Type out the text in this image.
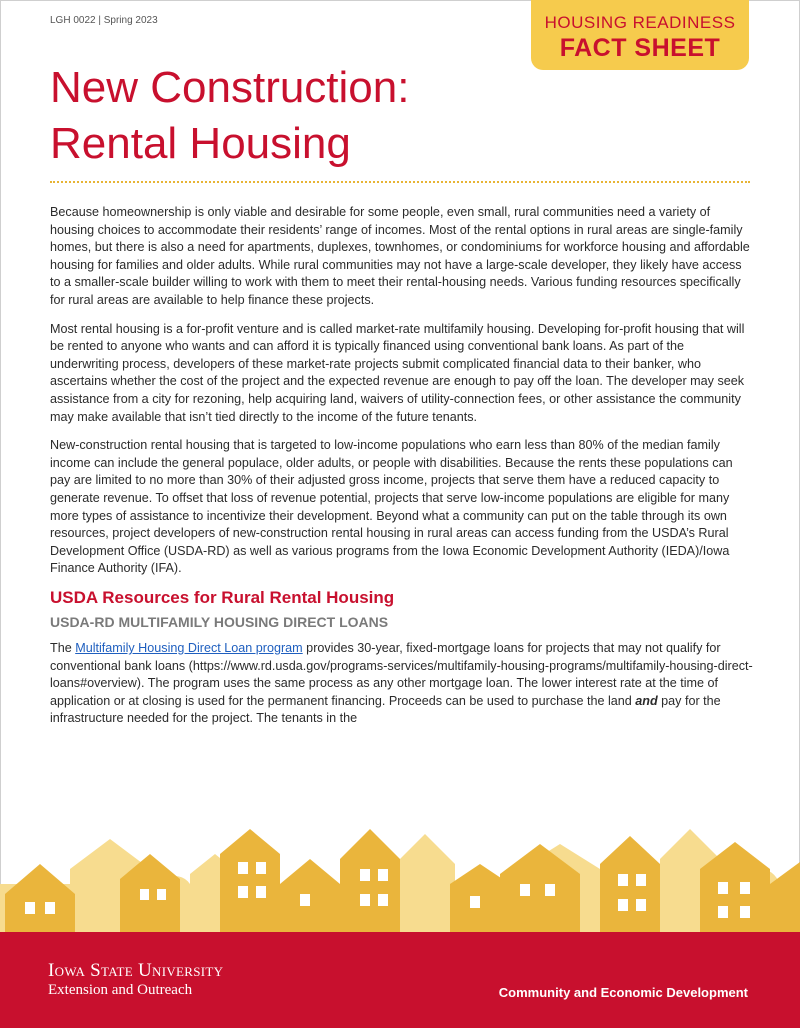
LGH 0022 | Spring 2023	HOUSING READINESS
FACT SHEET
New Construction:
Rental Housing

Because homeownership is only viable and desirable for some people, even small, rural communities need a variety of housing choices to accommodate their residents’ range of incomes. Most of the rental options in rural areas are single-family homes, but there is also a need for apartments, duplexes, townhomes, or condominiums for workforce housing and affordable housing for families and older adults. While rural communities may not have a large-scale developer, they likely have access to a smaller-scale builder willing to work with them to meet their rental-housing needs. Various funding resources specifically for rural areas are available to help finance these projects.

Most rental housing is a for-profit venture and is called market-rate multifamily housing. Developing for-profit housing that will be rented to anyone who wants and can afford it is typically financed using conventional bank loans. As part of the underwriting process, developers of these market-rate projects submit complicated financial data to their banker, who ascertains whether the cost of the project and the expected revenue are enough to pay off the loan. The developer may seek assistance from a city for rezoning, help acquiring land, waivers of utility-connection fees, or other assistance the community may make available that isn’t tied directly to the income of the future tenants.

New-construction rental housing that is targeted to low-income populations who earn less than 80% of the median family income can include the general populace, older adults, or people with disabilities. Because the rents these populations can pay are limited to no more than 30% of their adjusted gross income, projects that serve them have a reduced capacity to generate revenue. To offset that loss of revenue potential, projects that serve low-income populations are eligible for many more types of assistance to incentivize their development. Beyond what a community can put on the table through its own resources, project developers of new-construction rental housing in rural areas can access funding from the USDA’s Rural Development Office (USDA-RD) as well as various programs from the Iowa Economic Development Authority (IEDA)/Iowa Finance Authority (IFA).

USDA Resources for Rural Rental Housing
USDA-RD MULTIFAMILY HOUSING DIRECT LOANS

The Multifamily Housing Direct Loan program provides 30-year, fixed-mortgage loans for projects that may not qualify for conventional bank loans (https://www.rd.usda.gov/programs-services/multifamily-housing-programs/multifamily-housing-direct-loans#overview). The program uses the same process as any other mortgage loan. The lower interest rate at the time of application or at closing is used for the permanent financing. Proceeds can be used to purchase the land and pay for the infrastructure needed for the project. The tenants in the

Iowa State University
Extension and Outreach	Community and Economic Development
